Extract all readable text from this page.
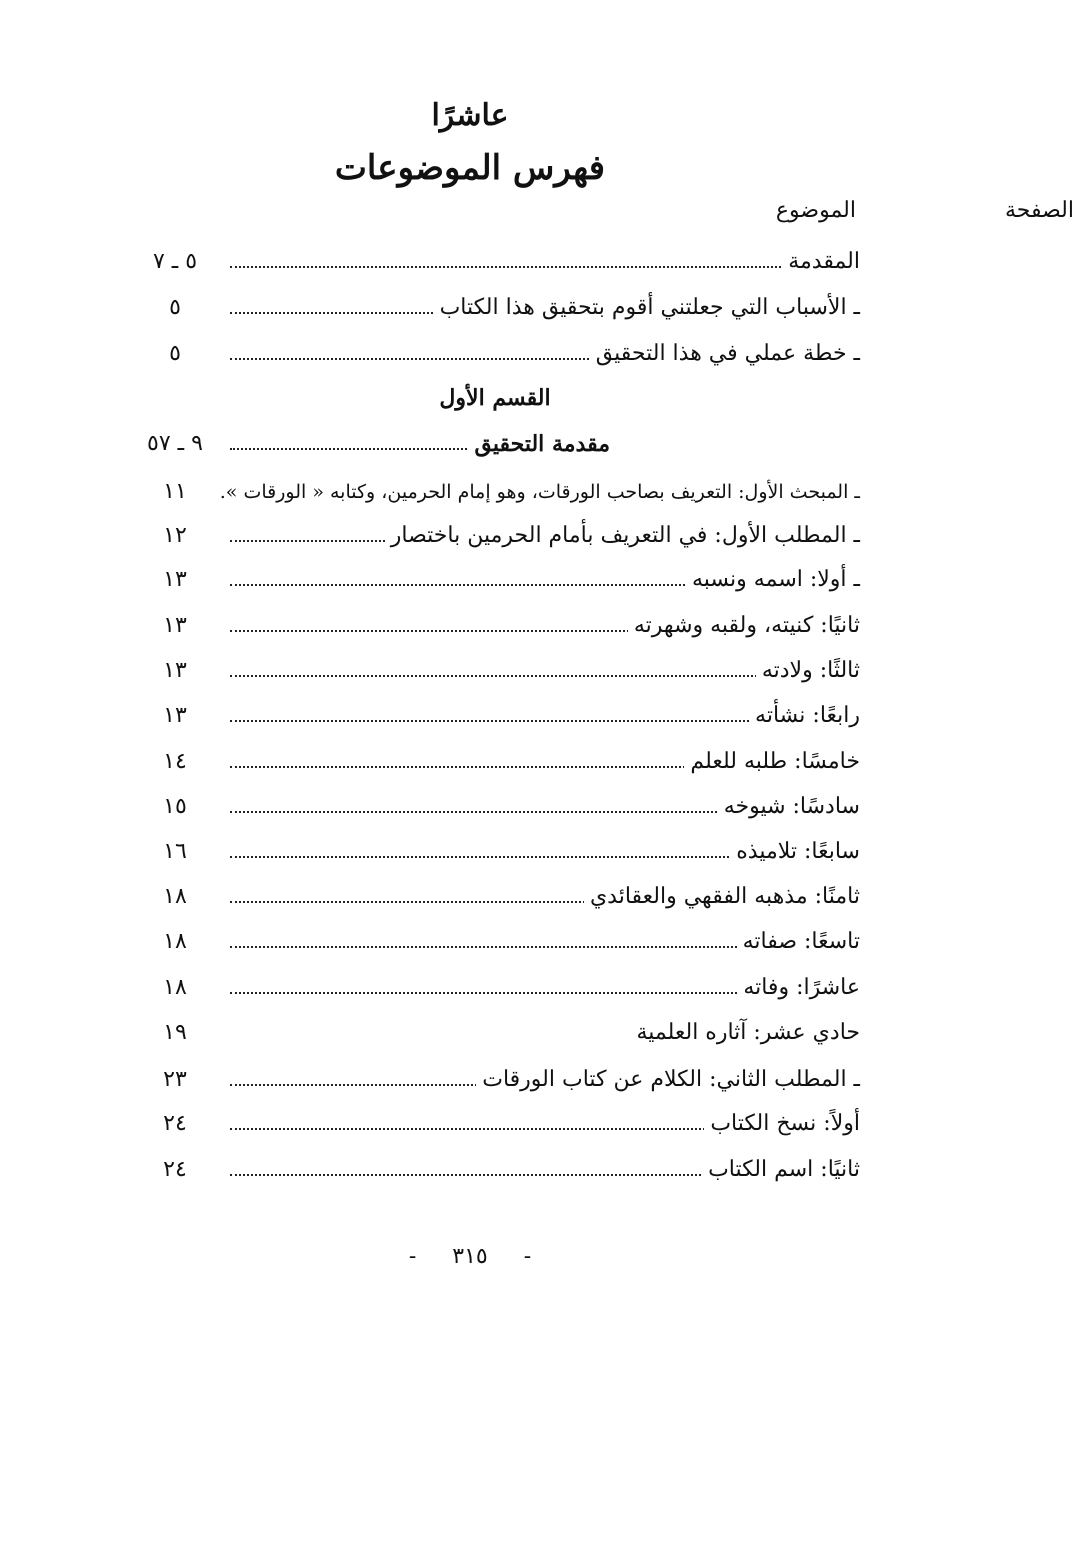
عاشرًا
فهرس الموضوعات
الموضوع	الصفحة
٥ ـ ٧	المقدمة
٥	ـ الأسباب التي جعلتني أقوم بتحقيق هذا الكتاب
٥	ـ خطة عملي في هذا التحقيق
القسم الأول
٩ ـ ٥٧	مقدمة التحقيق
١١	ـ المبحث الأول: التعريف بصاحب الورقات، وهو إمام الحرمين، وكتابه « الورقات ».
١٢	ـ المطلب الأول: في التعريف بأمام الحرمين باختصار
١٣	ـ أولا: اسمه ونسبه
١٣	ثانيًا: كنيته، ولقبه وشهرته
١٣	ثالثًا: ولادته
١٣	رابعًا: نشأته
١٤	خامسًا: طلبه للعلم
١٥	سادسًا: شيوخه
١٦	سابعًا: تلاميذه
١٨	ثامنًا: مذهبه الفقهي والعقائدي
١٨	تاسعًا: صفاته
١٨	عاشرًا: وفاته
١٩	حادي عشر: آثاره العلمية
٢٣	ـ المطلب الثاني: الكلام عن كتاب الورقات
٢٤	أولاً: نسخ الكتاب
٢٤	ثانيًا: اسم الكتاب
- ٣١٥ -
